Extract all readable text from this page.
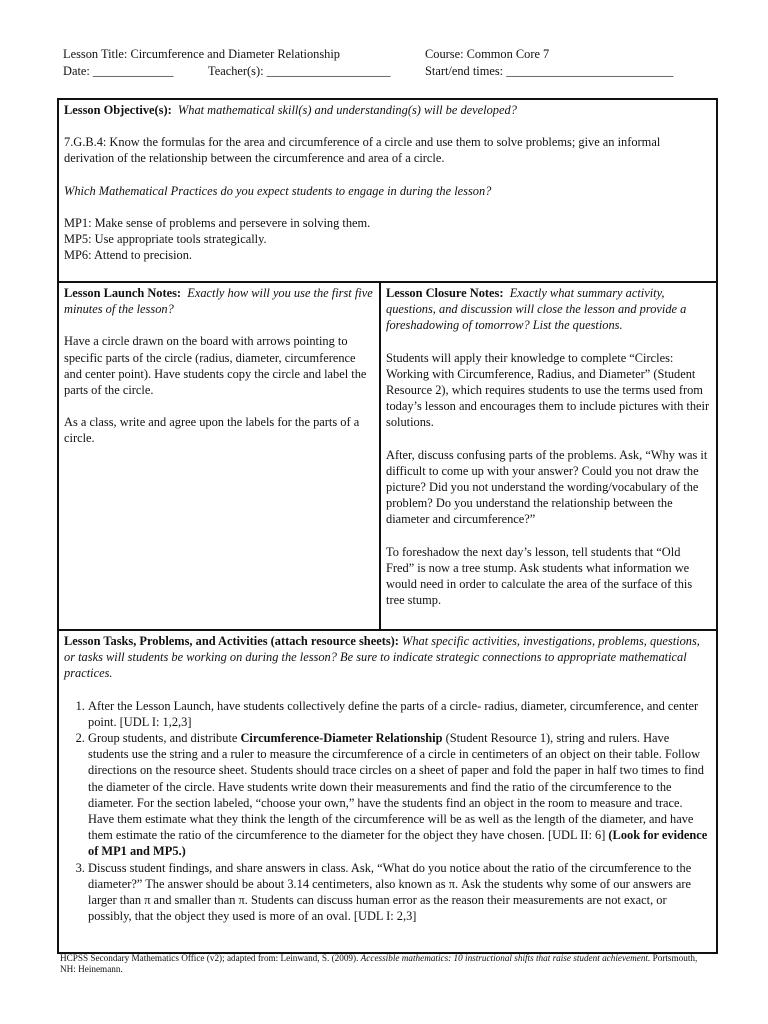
Lesson Title: Circumference and Diameter Relationship	Course: Common Core 7
Date: _____________	Teacher(s): ____________________	Start/end times: ___________________________

Lesson Objective(s): What mathematical skill(s) and understanding(s) will be developed?

7.G.B.4: Know the formulas for the area and circumference of a circle and use them to solve problems; give an informal derivation of the relationship between the circumference and area of a circle.

Which Mathematical Practices do you expect students to engage in during the lesson?

MP1: Make sense of problems and persevere in solving them.

MP5: Use appropriate tools strategically.

MP6: Attend to precision.

Lesson Launch Notes: Exactly how will you use the first five minutes of the lesson?

Have a circle drawn on the board with arrows pointing to specific parts of the circle (radius, diameter, circumference and center point). Have students copy the circle and label the parts of the circle.

As a class, write and agree upon the labels for the parts of a circle.

Lesson Closure Notes: Exactly what summary activity, questions, and discussion will close the lesson and provide a foreshadowing of tomorrow? List the questions.

Students will apply their knowledge to complete “Circles: Working with Circumference, Radius, and Diameter” (Student Resource 2), which requires students to use the terms used from today’s lesson and encourages them to include pictures with their solutions.

After, discuss confusing parts of the problems. Ask, “Why was it difficult to come up with your answer? Could you not draw the picture? Did you not understand the wording/vocabulary of the problem? Do you understand the relationship between the diameter and circumference?”

To foreshadow the next day’s lesson, tell students that “Old Fred” is now a tree stump. Ask students what information we would need in order to calculate the area of the surface of this tree stump.

Lesson Tasks, Problems, and Activities (attach resource sheets): What specific activities, investigations, problems, questions, or tasks will students be working on during the lesson? Be sure to indicate strategic connections to appropriate mathematical practices.

1. After the Lesson Launch, have students collectively define the parts of a circle- radius, diameter, circumference, and center point. [UDL I: 1,2,3]
2. Group students, and distribute Circumference-Diameter Relationship (Student Resource 1), string and rulers. Have students use the string and a ruler to measure the circumference of a circle in centimeters of an object on their table. Follow directions on the resource sheet. Students should trace circles on a sheet of paper and fold the paper in half two times to find the diameter of the circle. Have students write down their measurements and find the ratio of the circumference to the diameter. For the section labeled, “choose your own,” have the students find an object in the room to measure and trace. Have them estimate what they think the length of the circumference will be as well as the length of the diameter, and have them estimate the ratio of the circumference to the diameter for the object they have chosen. [UDL II: 6] (Look for evidence of MP1 and MP5.)
3. Discuss student findings, and share answers in class. Ask, “What do you notice about the ratio of the circumference to the diameter?” The answer should be about 3.14 centimeters, also known as π. Ask the students why some of our answers are larger than π and smaller than π. Students can discuss human error as the reason their measurements are not exact, or possibly, that the object they used is more of an oval. [UDL I: 2,3]
HCPSS Secondary Mathematics Office (v2); adapted from: Leinwand, S. (2009). Accessible mathematics: 10 instructional shifts that raise student achievement. Portsmouth, NH: Heinemann.
